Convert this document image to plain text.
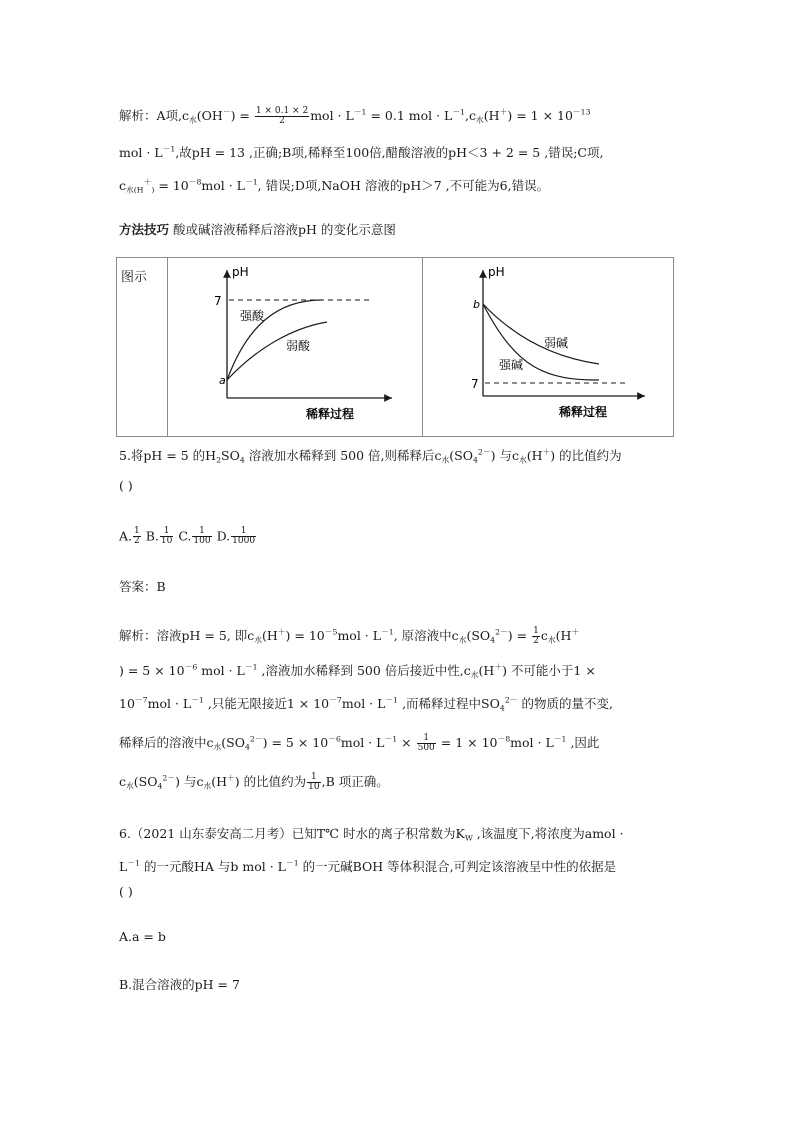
解析：A项$,c_水(OH^-) = \frac{1 \times 0.1 \times 2}{2}$ mol · $L^{-1} = 0.1$ mol · $L^{-1},c_水(H^+) = 1 \times 10^{-13}$
mol · $L^{-1}$,故pH = 13 ,正确;B项,稀释至100倍,醋酸溶液的pH＜3 + 2 = 5 ,错误;C项,
$c_{水(H}^+_) = 10^{-8}mol \cdot L^{-1}$, 错误;D项,NaOH 溶液的pH＞7 ,不可能为6,错误。
方法技巧 酸或碱溶液稀释后溶液pH 的变化示意图
5.将pH = 5 的$H_2SO_4$ 溶液加水稀释到 500 倍,则稀释后$c_水(SO_4^{2-})$ 与$c_水(H^+)$ 的比值约为
( )
A. $\frac{1}{2} B$. $\frac{1}{10} C$. $\frac{1}{100} D$. $\frac{1}{1000}$
答案：B
解析：溶液pH = 5, 即$c_水(H^+) = 10^{-5}mol \cdot L^{-1}$, 原溶液中$c_水(SO_4^{2-}) = \frac{1}{2} c_水(H^+$
) = $5 \times 10^{-6}$ mol · $L^{-1}$ ,溶液加水稀释到 500 倍后接近中性$,c_水(H^+)$ 不可能小于1 ×
$10^{-7}mol \cdot L^{-1}$ ,只能无限接近$1 \times 10^{-7}mol \cdot L^{-1}$ ,而稀释过程中$SO_4^{2-}$ 的物质的量不变,
稀释后的溶液中$c_水(SO_4^{2-}) = 5 \times 10^{-6}mol \cdot L^{-1} \times \frac{1}{500} = 1 \times 10^{-8}mol \cdot L^{-1}$ ,因此
$c_水(SO_4^{2-})$ 与$c_水(H^+)$ 的比值约为 $\frac{1}{10} ,B$ 项正确。
6.（2021 山东泰安高二月考）已知T℃ 时水的离子积常数为$K_W$ ,该温度下,将浓度为amol ·
$L^{-1}$ 的一元酸HA 与b mol · $L^{-1}$ 的一元碱BOH 等体积混合,可判定该溶液呈中性的依据是
( )
A.a = b
B.混合溶液的pH = 7
图示	pH
7
a
强酸
弱酸
稀释过程
pH
b
7
弱碱
强碱
稀释过程
